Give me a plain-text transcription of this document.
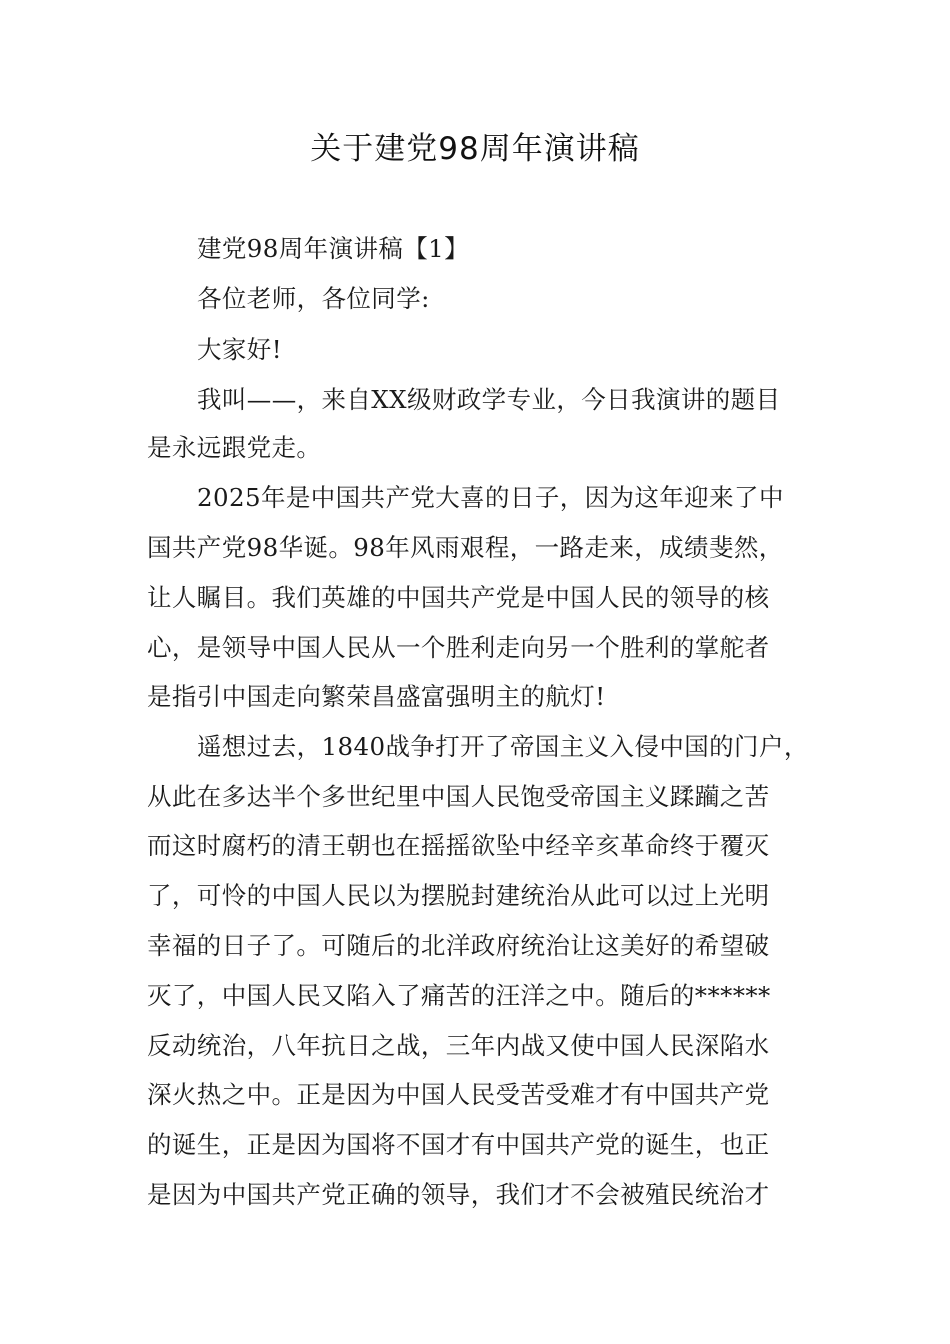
关于建党98周年演讲稿
建党98周年演讲稿【1】
各位老师，各位同学:
大家好!
我叫——，来自XX级财政学专业，今日我演讲的题目
是永远跟党走。
2025年是中国共产党大喜的日子，因为这年迎来了中
国共产党98华诞。98年风雨艰程，一路走来，成绩斐然，
让人瞩目。我们英雄的中国共产党是中国人民的领导的核
心，是领导中国人民从一个胜利走向另一个胜利的掌舵者
是指引中国走向繁荣昌盛富强明主的航灯!
遥想过去，1840战争打开了帝国主义入侵中国的门户，
从此在多达半个多世纪里中国人民饱受帝国主义蹂躏之苦
而这时腐朽的清王朝也在摇摇欲坠中经辛亥革命终于覆灭
了，可怜的中国人民以为摆脱封建统治从此可以过上光明
幸福的日子了。可随后的北洋政府统治让这美好的希望破
灭了，中国人民又陷入了痛苦的汪洋之中。随后的******
反动统治，八年抗日之战，三年内战又使中国人民深陷水
深火热之中。正是因为中国人民受苦受难才有中国共产党
的诞生，正是因为国将不国才有中国共产党的诞生，也正
是因为中国共产党正确的领导，我们才不会被殖民统治才
